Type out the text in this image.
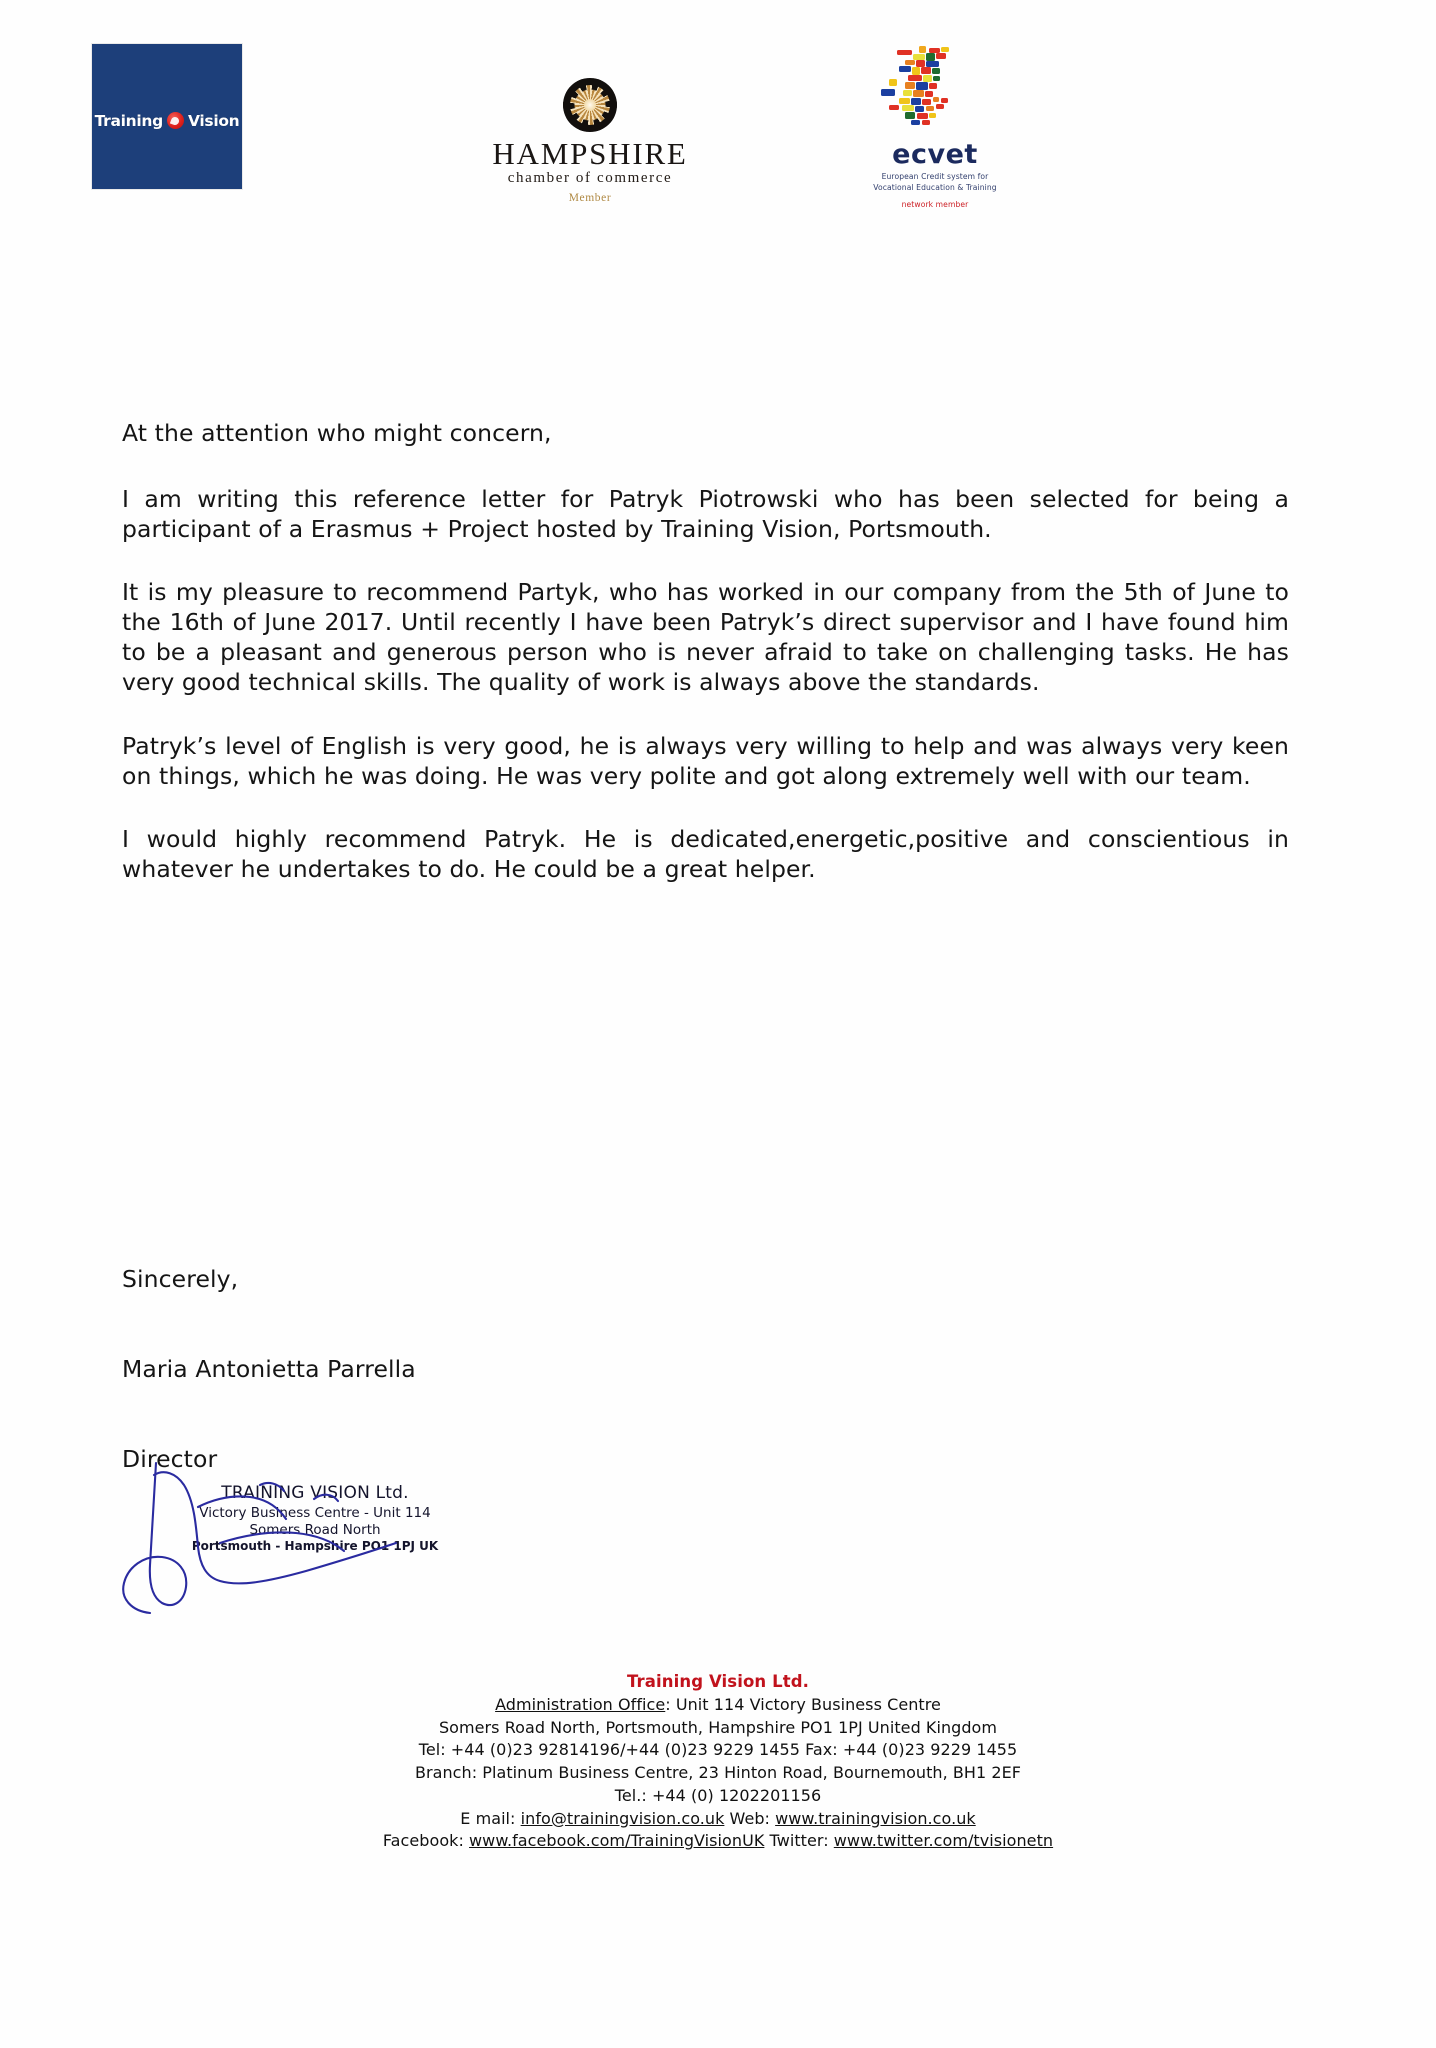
Training Vision
HAMPSHIRE
chamber of commerce
Member
ecvet
European Credit system for
Vocational Education & Training
network member

At the attention who might concern,

I am writing this reference letter for Patryk Piotrowski who has been selected for being a participant of a Erasmus + Project hosted by Training Vision, Portsmouth.

It is my pleasure to recommend Partyk, who has worked in our company from the 5th of June to the 16th of June 2017. Until recently I have been Patryk’s direct supervisor and I have found him to be a pleasant and generous person who is never afraid to take on challenging tasks. He has very good technical skills. The quality of work is always above the standards.

Patryk’s level of English is very good, he is always very willing to help and was always very keen on things, which he was doing. He was very polite and got along extremely well with our team.

I would highly recommend Patryk. He is dedicated,energetic,positive and conscientious in whatever he undertakes to do. He could be a great helper.

Sincerely,

Maria Antonietta Parrella

Director

TRAINING VISION Ltd.
Victory Business Centre - Unit 114
Somers Road North
Portsmouth - Hampshire PO1 1PJ UK
Training Vision Ltd.
Administration Office: Unit 114 Victory Business Centre
Somers Road North, Portsmouth, Hampshire PO1 1PJ United Kingdom
Tel: +44 (0)23 92814196/+44 (0)23 9229 1455 Fax: +44 (0)23 9229 1455
Branch: Platinum Business Centre, 23 Hinton Road, Bournemouth, BH1 2EF
Tel.: +44 (0) 1202201156
E mail: info@trainingvision.co.uk Web: www.trainingvision.co.uk
Facebook: www.facebook.com/TrainingVisionUK Twitter: www.twitter.com/tvisionetn
